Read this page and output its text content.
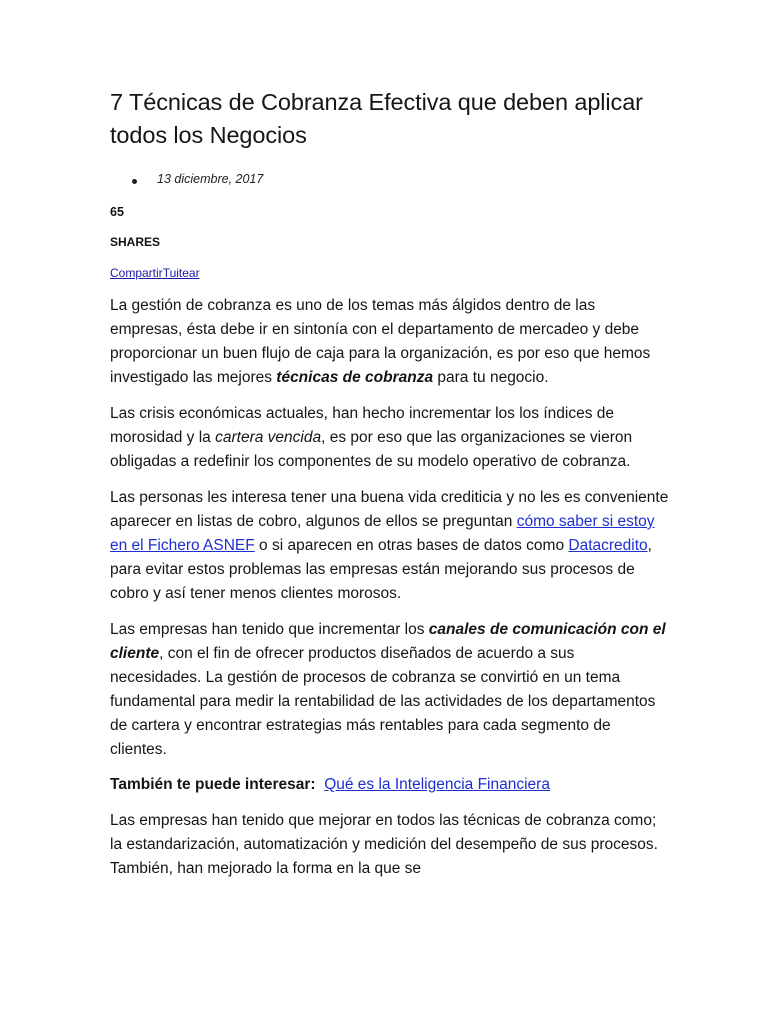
7 Técnicas de Cobranza Efectiva que deben aplicar todos los Negocios
13 diciembre, 2017
65
SHARES
CompartirTuitear

La gestión de cobranza es uno de los temas más álgidos dentro de las empresas, ésta debe ir en sintonía con el departamento de mercadeo y debe proporcionar un buen flujo de caja para la organización, es por eso que hemos investigado las mejores técnicas de cobranza para tu negocio.

Las crisis económicas actuales, han hecho incrementar los los índices de morosidad y la cartera vencida, es por eso que las organizaciones se vieron obligadas a redefinir los componentes de su modelo operativo de cobranza.

Las personas les interesa tener una buena vida crediticia y no les es conveniente aparecer en listas de cobro, algunos de ellos se preguntan cómo saber si estoy en el Fichero ASNEF o si aparecen en otras bases de datos como Datacredito, para evitar estos problemas las empresas están mejorando sus procesos de cobro y así tener menos clientes morosos.

Las empresas han tenido que incrementar los canales de comunicación con el cliente, con el fin de ofrecer productos diseñados de acuerdo a sus necesidades. La gestión de procesos de cobranza se convirtió en un tema fundamental para medir la rentabilidad de las actividades de los departamentos de cartera y encontrar estrategias más rentables para cada segmento de clientes.

También te puede interesar: Qué es la Inteligencia Financiera

Las empresas han tenido que mejorar en todos las técnicas de cobranza como; la estandarización, automatización y medición del desempeño de sus procesos. También, han mejorado la forma en la que se
